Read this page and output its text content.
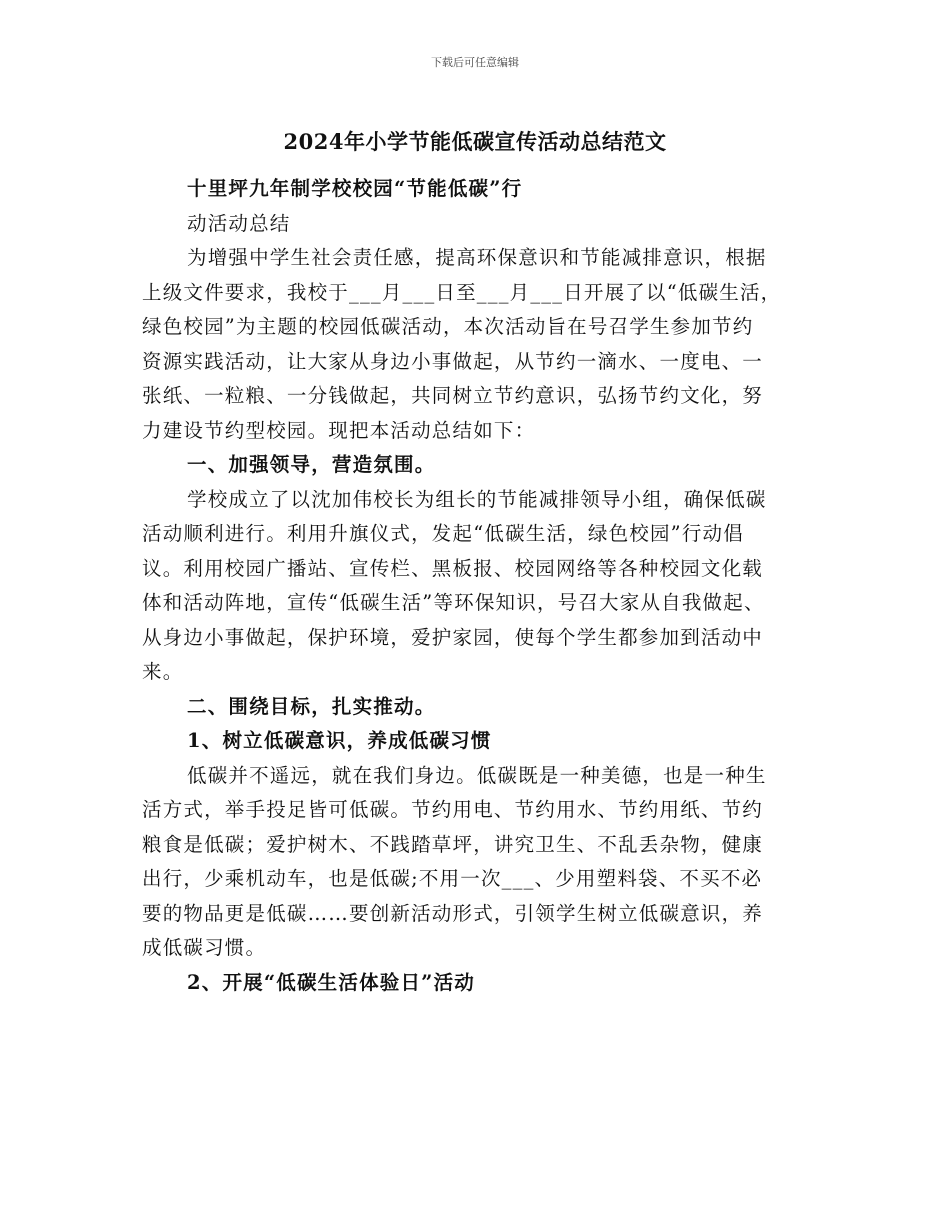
下载后可任意编辑
2024年小学节能低碳宣传活动总结范文
十里坪九年制学校校园“节能低碳”行
动活动总结
为增强中学生社会责任感，提高环保意识和节能减排意识，根据
上级文件要求，我校于___月___日至___月___日开展了以“低碳生活，
绿色校园”为主题的校园低碳活动，本次活动旨在号召学生参加节约
资源实践活动，让大家从身边小事做起，从节约一滴水、一度电、一
张纸、一粒粮、一分钱做起，共同树立节约意识，弘扬节约文化，努
力建设节约型校园。现把本活动总结如下：
一、加强领导，营造氛围。
学校成立了以沈加伟校长为组长的节能减排领导小组，确保低碳
活动顺利进行。利用升旗仪式，发起“低碳生活，绿色校园”行动倡
议。利用校园广播站、宣传栏、黑板报、校园网络等各种校园文化载
体和活动阵地，宣传“低碳生活”等环保知识，号召大家从自我做起、
从身边小事做起，保护环境，爱护家园，使每个学生都参加到活动中
来。
二、围绕目标，扎实推动。
1、树立低碳意识，养成低碳习惯
低碳并不遥远，就在我们身边。低碳既是一种美德，也是一种生
活方式，举手投足皆可低碳。节约用电、节约用水、节约用纸、节约
粮食是低碳；爱护树木、不践踏草坪，讲究卫生、不乱丢杂物，健康
出行，少乘机动车，也是低碳;不用一次___、少用塑料袋、不买不必
要的物品更是低碳……要创新活动形式，引领学生树立低碳意识，养
成低碳习惯。
2、开展“低碳生活体验日”活动
